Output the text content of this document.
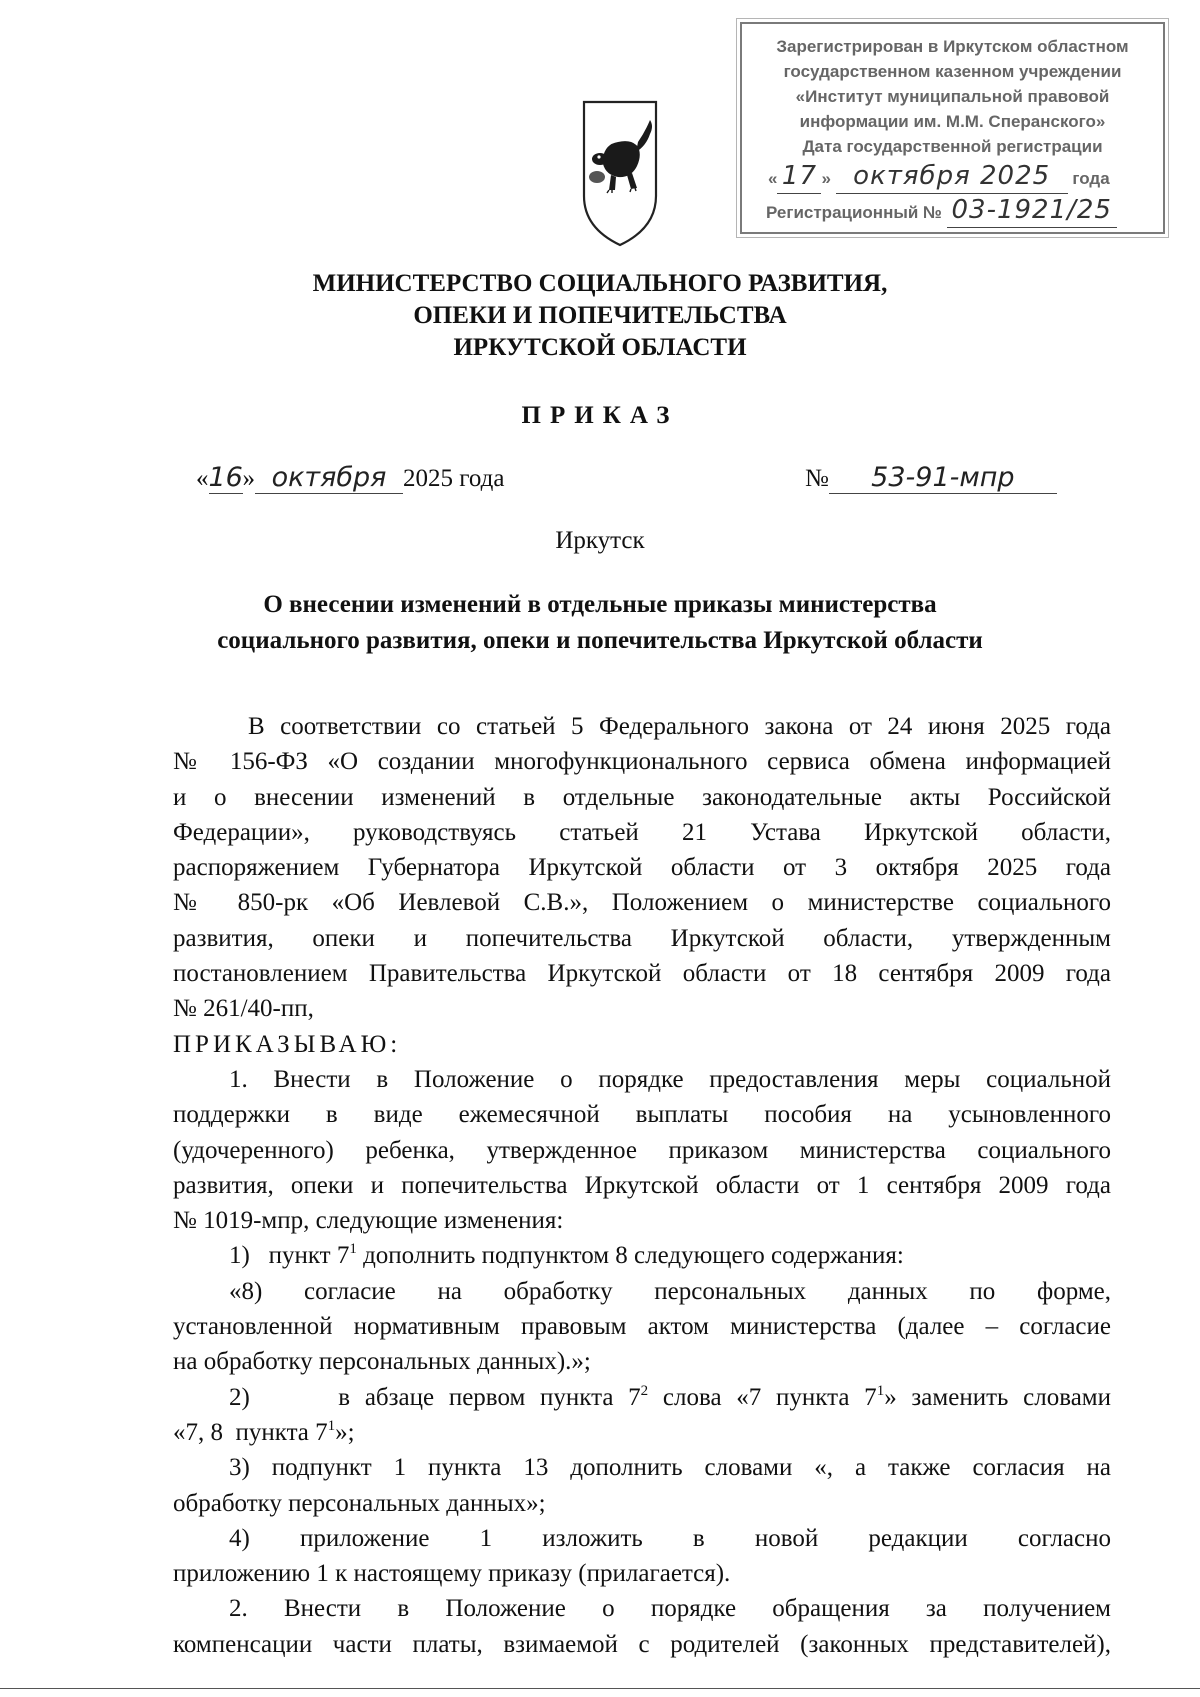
Зарегистрирован в Иркутском областном
государственном казенном учреждении
«Институт муниципальной правовой
информации им. М.М. Сперанского»
Дата государственной регистрации
« 17 » октября 2025 года
Регистрационный № 03-1921/25
МИНИСТЕРСТВО СОЦИАЛЬНОГО РАЗВИТИЯ,
ОПЕКИ И ПОПЕЧИТЕЛЬСТВА
ИРКУТСКОЙ ОБЛАСТИ
ПРИКАЗ
«16» октября 2025 года	№ 53-91-мпр
Иркутск
О внесении изменений в отдельные приказы министерства
социального развития, опеки и попечительства Иркутской области

В соответствии со статьей 5 Федерального закона от 24 июня 2025 года

№ 156-ФЗ «О создании многофункционального сервиса обмена информацией

и о внесении изменений в отдельные законодательные акты Российской

Федерации», руководствуясь статьей 21 Устава Иркутской области,

распоряжением Губернатора Иркутской области от 3 октября 2025 года

№ 850-рк «Об Иевлевой С.В.», Положением о министерстве социального

развития, опеки и попечительства Иркутской области, утвержденным

постановлением Правительства Иркутской области от 18 сентября 2009 года

№ 261/40-пп,

ПРИКАЗЫВАЮ:

1. Внести в Положение о порядке предоставления меры социальной

поддержки в виде ежемесячной выплаты пособия на усыновленного

(удочеренного) ребенка, утвержденное приказом министерства социального

развития, опеки и попечительства Иркутской области от 1 сентября 2009 года

№ 1019-мпр, следующие изменения:

1)   пункт $7^1$ дополнить подпунктом 8 следующего содержания:

«8) согласие на обработку персональных данных по форме,

установленной нормативным правовым актом министерства (далее – согласие

на обработку персональных данных).»;

2)      в абзаце первом пункта $7^2$ слова «7 пункта $7^1$» заменить словами

«7, 8  пункта $7^1$»;

3) подпункт 1 пункта 13 дополнить словами «, а также согласия на

обработку персональных данных»;

4) приложение 1 изложить в новой редакции согласно

приложению 1 к настоящему приказу (прилагается).

2. Внести в Положение о порядке обращения за получением

компенсации части платы, взимаемой с родителей (законных представителей),
